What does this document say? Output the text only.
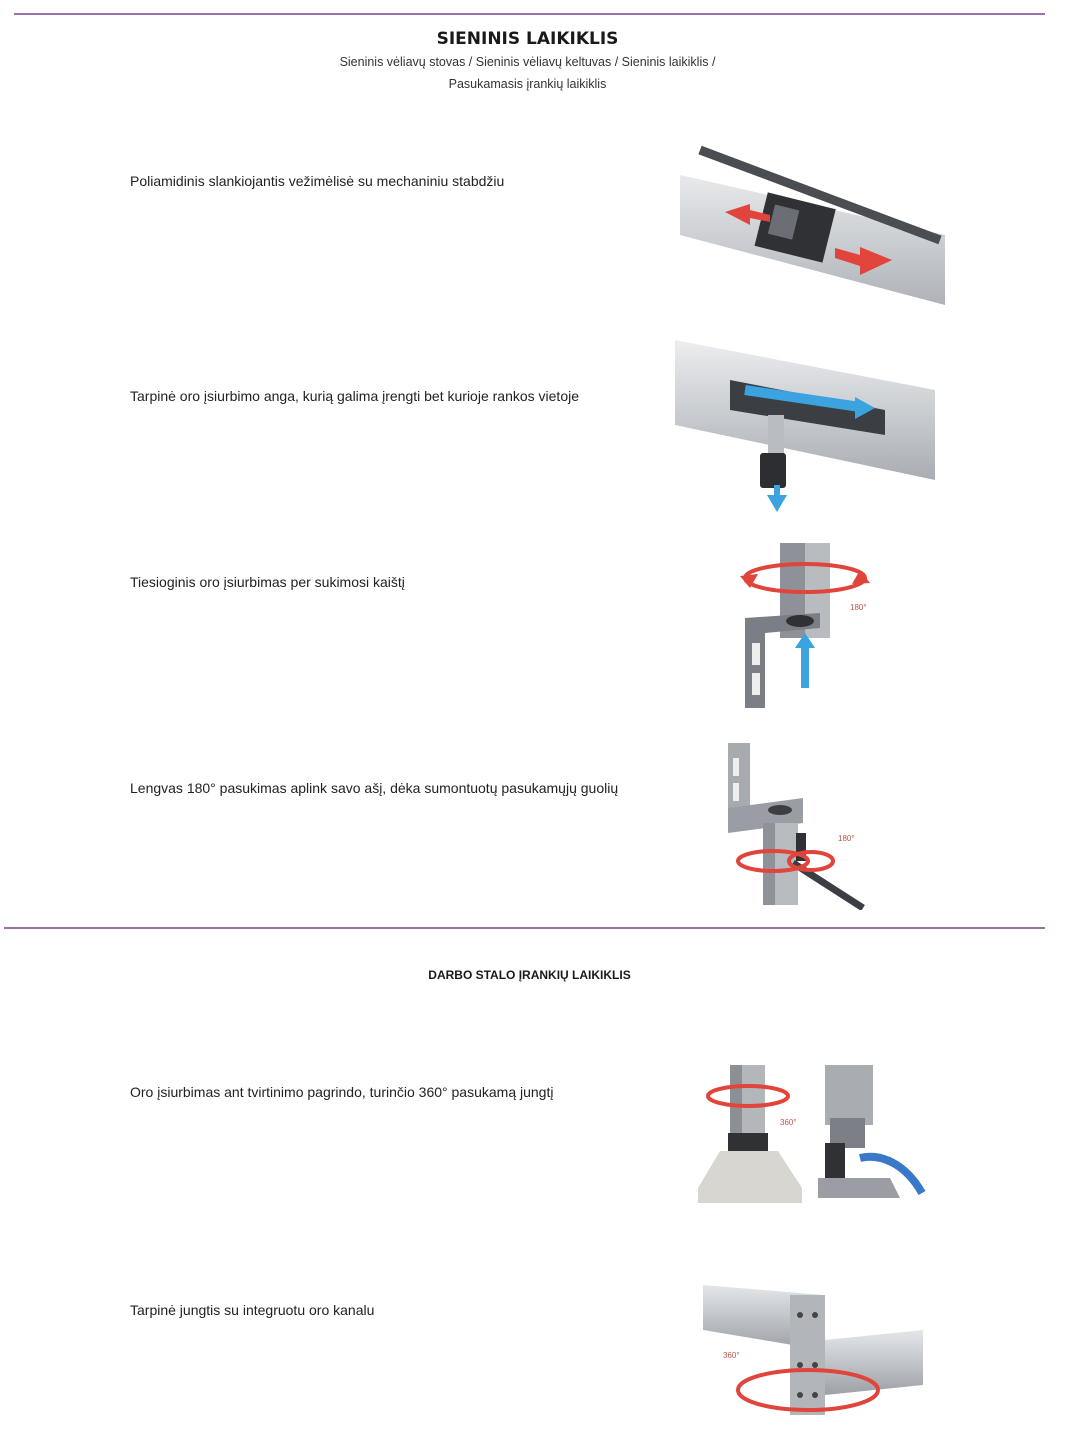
SIENINIS LAIKIKLIS
Sieninis vėliavų stovas / Sieninis vėliavų keltuvas / Sieninis laikiklis /
Pasukamasis įrankių laikiklis
Poliamidinis slankiojantis vežimėlisė su mechaniniu stabdžiu
Tarpinė oro įsiurbimo anga, kurią galima įrengti bet kurioje rankos vietoje
Tiesioginis oro įsiurbimas per sukimosi kaištį
180°
Lengvas 180° pasukimas aplink savo ašį, dėka sumontuotų pasukamųjų guolių
180°
DARBO STALO ĮRANKIŲ LAIKIKLIS
Oro įsiurbimas ant tvirtinimo pagrindo, turinčio 360° pasukamą jungtį
360°
Tarpinė jungtis su integruotu oro kanalu
360°
